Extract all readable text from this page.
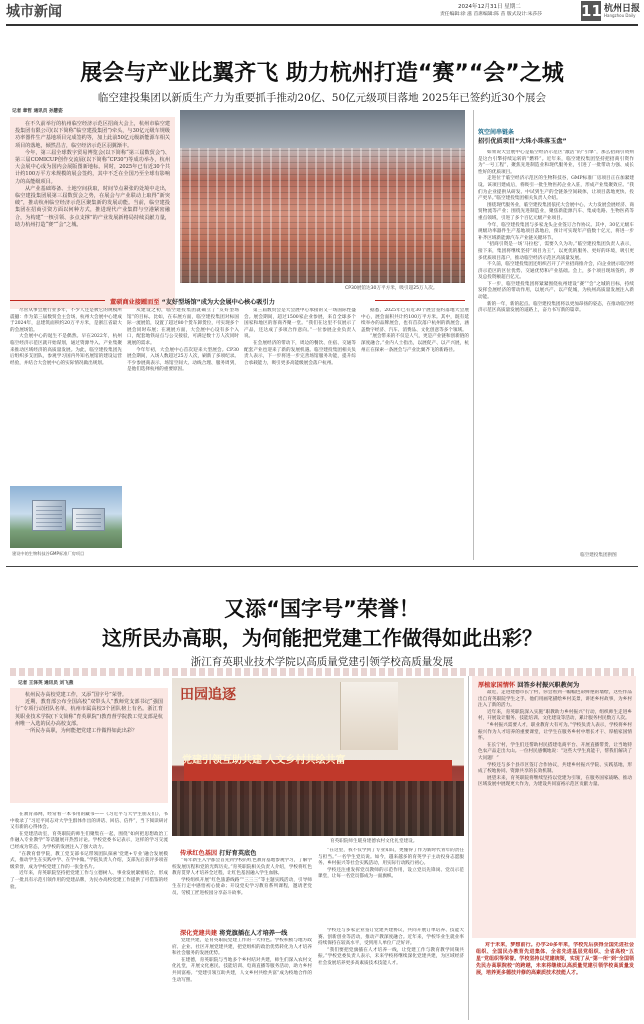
城市新闻	2024年12月31日 星期二
责任编辑:徐 滋 首席编辑:陈 苗 版式设计:朱莎莎	11 杭州日报
Hangzhou Daily
展会与产业比翼齐飞 助力杭州打造“赛”“会”之城
临空建投集团以新质生产力为重要抓手推动20亿、50亿元级项目落地 2025年已签约近30个展会
记者 章哲 通讯员 孙慧姿

在不久前举行的杭州临空经济示范区招商大会上，杭州市临空建投集团有限公司(以下简称“临空建投集团”)牵头，与30亿元级车规级功率器件生产基地项目完成签约等，加上此前50亿元级新能源车相关项目的落地，倾然昌吉，临空经济示范区羽翼渐丰。

今年，第三届全球数字贸易博览会(以下简称“第三届数贸会”)、第三届COMICUP创作交流展(以下简称“CP30”)等成功举办，杭州大会展中心成为国内会展版图新地标。同时，2025年已有近30个共计约100万平方米规模的展会签约，其中不乏在全国乃至全球有影响力的高能级项目。

从产业基础筹备、土地空间获取，时间节点紧张的处境中走出，临空建投集团展第三届数贸会之势，在展会与产业联动上取得“新突破”，推动杭州临空经济示范区聚集新的发展动能。当前，临空建投集团在招商引资方面以何种方式，推进现代产业集群与空港紧密融合，为构建“一核引领、多点支撑”的产业发展新格局持续贡献力量，助力杭州打造“赛”“会”之城。

CP30展馆达30万平方米，吸引超25万人次。
董硕商业接踵而至 “友好型场馆”成为大会展中心核心吸引力

尽管从事会展行业多年，不少人还是被它的规模所震撼：作为第三届数贸会主会场，杭州大会展中心建成于2024年，总建筑面积约20万平方米，是浙江省最大的会展场馆。

大会展中心的诞生不是偶然。早在2022年，杭州临空经济示范区就开始谋划，通过资源导入、产业集聚来推动区域经济的高质量发展。为此，临空建投集团先后组织多支团队，参观学习国内外知名展馆的建设运营经验，并结合大会展中心的实际情况做出规划。

建设中的生物科技谷GMP标准厂房项目

从建设之初，临空建投集团就确立了“友好型场馆”的目标。比如，在布展方面，临空建投集团对标国际一流展馆，设置了超过80个货车卸货位，可实现多个展会同时布展；在观展方面，大会展中心设有多个入口，配套地铁站点与公交接驳，可满足数十万人次同时观展的需求。

今年年初，大会展中心首次迎来大型展会。CP30展会期间，入场人数超过25万人次，刷新了多项纪录。不少参展商表示，场馆空间大、动线合理、服务周到，是他们选择杭州的重要原因。

第三届数贸会是大会展中心承接的又一场国际性盛会。展会期间，超过1500家企业参展，来自全球多个国家和地区的客商齐聚一堂。“我们在这里不仅展示了产品，还达成了多项合作意向。”一位参展企业负责人说。

在会展经济的带动下，周边的餐饮、住宿、交通等配套产业也迎来了新的发展机遇。临空建投集团相关负责人表示，下一步将进一步完善场馆服务功能，提升综合承载能力，吸引更多高能级展会落户杭州。

据悉，2025年已有近30个展会签约落地大会展中心，展会面积共计约100万平方米。其中，既有延续举办的品牌展会，也有首次落户杭州的新展会，涵盖数字经济、汽车、消费品、文化创意等多个领域。

“展会带来的不仅是人气，更是产业链和创新链的深度融合。”业内人士指出，以展促产、以产兴展，杭州正在探索一条展会与产业比翼齐飞的新路径。

筑空间串链条
招引优质项目“大珠小珠落玉盘”

如果说大会展中心是临空经济示范区“激活”的“引擎”，那么招商引资则是这台引擎持续运转的“燃料”。近年来，临空建投集团坚持把招商引资作为“一号工程”，聚焦先进制造业和现代服务业，引进了一批带动力强、成长性好的优质项目。

走进位于临空经济示范区的生物科技谷，GMP标准厂房项目正在加紧建设。该项目建成后，将吸引一批生物医药企业入驻，形成产业集聚效应。“我们为企业提供从研发、中试到生产的全链条空间载体，让项目落地更快、投产更早。”临空建投集团相关负责人介绍。

围绕现代服务业，临空建投集团依托大会展中心，大力发展会展经济、商贸物流等产业；围绕先进制造业，聚焦新能源汽车、集成电路、生物医药等重点领域，引进了多个百亿元级产业项目。

今年，临空建投集团与多家龙头企业签订合作协议。其中，30亿元级车规级功率器件生产基地项目落地后，预计可实现年产值数十亿元，将进一步补齐区域新能源汽车产业链关键环节。

“招商引资是一场‘马拉松’，需要久久为功。”临空建投集团负责人表示，接下来，集团将继续坚持“项目为王”，以更优的服务、更好的环境，吸引更多优质项目落户，推动临空经济示范区高质量发展。

不久前，临空建投集团还组织召开了产业招商推介会，向企业展示临空经济示范区的区位优势、交通优势和产业基础。会上，多个项目现场签约，涉及总投资额超百亿元。

下一步，临空建投集团将紧紧围绕杭州建设“赛”“会”之城的目标，持续发挥会展经济的带动作用，以展兴产、以产促城，为杭州高质量发展注入新动能。

新的一年，新的起点。临空建投集团将以更加昂扬的姿态，在推动临空经济示范区高质量发展的道路上，奋力书写新的篇章。

临空建投集团供图
又添“国字号”荣誉！
这所民办高职，为何能把党建工作做得如此出彩？
浙江育英职业技术学院以高质量党建引领学校高质量发展
记者 王泽英 通讯员 刘飞燕

杭州民办高校党建工作，又添“国字号”荣誉。

近期，教育部公布全国高校“双带头人”教师党支部书记“强国行”专项行动团队名单，杭州市属高校3个团队榜上有名。浙江育英职业技术学院(下文简称“育英职院”)教育督学院教工党支部是杭州唯一入选的民办高校支部。

一所民办高职，为何能把党建工作做得如此出彩？

田园追逐
党建引领互助共建 人文乡村共绘共富
育英职院师生暖身建德农村文化礼堂建设。

在教育部网，经常看一本书用的藏书——《习近平与大学生朋友们》，书中收录了“习近平同志对大学生群体作出的讲话、回信、信件”，当下阅读研讨又有新的心得体会。

在党建活动室，育英职院的师生们聚集在一起，围绕“如何把思想政治工作融入专业教学”等话题展开热烈讨论。学校党委书记表示，这样的学习交流已经成为常态，为学校的发展注入了强大动力。

“在教育督学院，教工党支部书记带领团队探索‘党建+专业’融合发展模式，推动学生在实践中学、在学中做。”学院负责人介绍，支部先后获评多项省级荣誉，成为学校党建工作的一张金名片。

近年来，育英职院坚持把党建工作与立德树人、事业发展紧密结合，形成了一批具有示范引领作用的党建品牌，为民办高校党建工作提供了可借鉴的经验。

传承红色基因 打好育英底色

“每年新生入学都会首先到学校的红色教育基地参观学习，了解学校发展历程和党的光辉历史。”育英职院相关负责人介绍，学校将红色教育贯穿人才培养全过程，让红色基因融入学生血脉。

学校组织开展“红色旅游线路”“三三三”等主题实践活动，引导师生在行走中感悟初心使命；开设党史学习教育系列课程，邀请老党员、劳模工匠进校园分享奋斗故事。

“在这里，我不仅学到了专业知识，更懂得了作为新时代青年的责任与担当。”一名学生党员说。如今，越来越多的育英学子主动投身志愿服务、乡村振兴等社会实践活动，用实际行动践行初心。

学校还注重发挥党员教师的示范作用，设立党员先锋岗、党员示范课堂，让每一名党员都成为一面旗帜。

深化党建共建 将党旗插在人才培养一线

党建共建，是育英职院党建工作的一大特色。学校积极与地方政府、企业、社区开展党建共建，把党组织的政治优势转化为人才培养和社会服务的发展优势。

在建德，育英职院与当地多个乡村结对共建，师生们深入农村文化礼堂，开展文化惠民、技能培训、电商直播等服务活动，助力乡村共同富裕。“党建引领互助共建，人文乡村共绘共富”成为校地合作的生动写照。

学校还与多家企业签订党建共建协议，共同开展订单培养、技能大赛、创新创业等活动，推动产教深度融合。近年来，学校毕业生就业率持续保持在较高水平，受到用人单位广泛好评。

“我们要把党旗插在人才培养一线，让党建工作与教育教学同频共振。”学校党委负责人表示，未来学校将继续深化党建共建，为区域经济社会发展培养更多高素质技术技能人才。

厚植家国情怀 回答乡村振兴职教何为

最近，走进建德市长宁村，你会看到一幅幅色彩鲜艳的墙绘，这些作品出自育英职院学生之手。他们用画笔描绘乡村美景，讲述乡村故事，为乡村注入了新的活力。

近年来，育英职院深入实施“职教助力乡村振兴”行动，组织师生走进乡村，开展设计服务、技能培训、文化建设等活动，累计服务村民数万人次。

“乡村振兴需要人才，职业教育大有可为。”学校负责人表示，学校将乡村振兴作为人才培养的重要课堂，让学生在服务乡村中增长才干、厚植家国情怀。

在长宁村，学生们还帮助村民搭建电商平台、开展直播带货，让当地特色农产品走出大山。一位村民感慨地说：“这些大学生真能干，帮我们解决了大问题！”

学校还与多个县市区签订合作协议，共建乡村振兴学院、实践基地，形成了校地协同、资源共享的长效机制。

展望未来，育英职院将继续坚持以党建为引领，在服务国家战略、推动区域发展中展现更大作为，为建设共同富裕示范区贡献力量。

对于未来，梦想前行。办学20多年来，学校先后获得全国先进社会组织、全国民办教育先进集体、全省先进基层党组织、全省高校“五星”党组织等荣誉。学校坚持以党建统领，实现了从“第一所”到“全国领先民办高职院校”的跨越，未来将继续以高质量党建引领学校高质量发展，培养更多德技并修的高素质技术技能人才。
